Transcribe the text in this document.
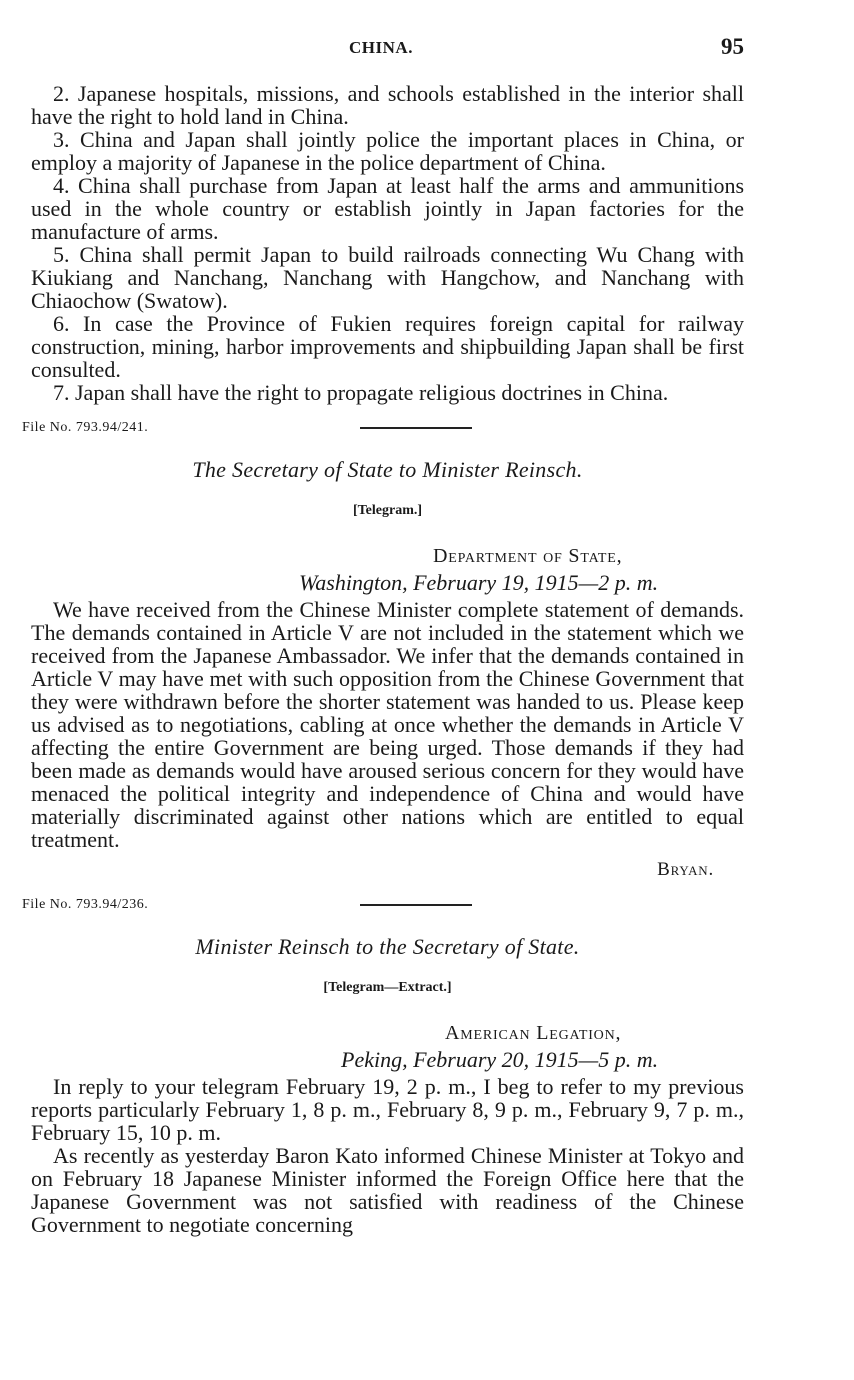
CHINA.	95

2. Japanese hospitals, missions, and schools established in the interior shall have the right to hold land in China.

3. China and Japan shall jointly police the important places in China, or employ a majority of Japanese in the police department of China.

4. China shall purchase from Japan at least half the arms and ammunitions used in the whole country or establish jointly in Japan factories for the manufacture of arms.

5. China shall permit Japan to build railroads connecting Wu Chang with Kiukiang and Nanchang, Nanchang with Hangchow, and Nanchang with Chiaochow (Swatow).

6. In case the Province of Fukien requires foreign capital for railway construction, mining, harbor improvements and shipbuilding Japan shall be first consulted.

7. Japan shall have the right to propagate religious doctrines in China.

File No. 793.94/241.
The Secretary of State to Minister Reinsch.
[Telegram.]
Department of State,
Washington, February 19, 1915—2 p. m.

We have received from the Chinese Minister complete statement of demands. The demands contained in Article V are not included in the statement which we received from the Japanese Ambassador. We infer that the demands contained in Article V may have met with such opposition from the Chinese Government that they were withdrawn before the shorter statement was handed to us. Please keep us advised as to negotiations, cabling at once whether the demands in Article V affecting the entire Government are being urged. Those demands if they had been made as demands would have aroused serious concern for they would have menaced the political integrity and independence of China and would have materially discriminated against other nations which are entitled to equal treatment.

Bryan.
File No. 793.94/236.
Minister Reinsch to the Secretary of State.
[Telegram—Extract.]
American Legation,
Peking, February 20, 1915—5 p. m.

In reply to your telegram February 19, 2 p. m., I beg to refer to my previous reports particularly February 1, 8 p. m., February 8, 9 p. m., February 9, 7 p. m., February 15, 10 p. m.

As recently as yesterday Baron Kato informed Chinese Minister at Tokyo and on February 18 Japanese Minister informed the Foreign Office here that the Japanese Government was not satisfied with readiness of the Chinese Government to negotiate concerning
